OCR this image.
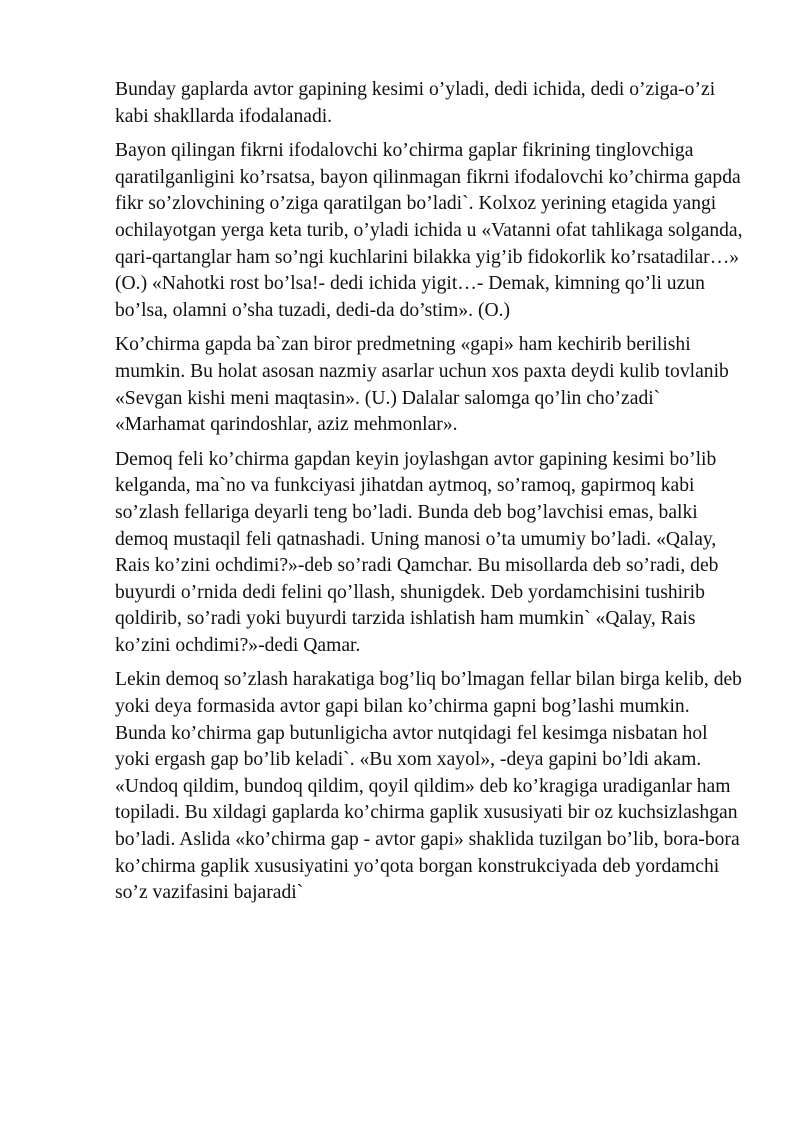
Bunday gaplarda avtor gapining kesimi o’yladi, dedi ichida, dedi o’ziga-o’zi kabi shakllarda ifodalanadi.

Bayon qilingan fikrni ifodalovchi ko’chirma gaplar fikrining tinglovchiga qaratilganligini ko’rsatsa, bayon qilinmagan fikrni ifodalovchi ko’chirma gapda fikr so’zlovchining o’ziga qaratilgan bo’ladi`. Kolxoz yerining etagida yangi ochilayotgan yerga keta turib, o’yladi ichida u «Vatanni ofat tahlikaga solganda, qari-qartanglar ham so’ngi kuchlarini bilakka yig’ib fidokorlik ko’rsatadilar…» (O.) «Nahotki rost bo’lsa!- dedi ichida yigit…- Demak, kimning qo’li uzun bo’lsa, olamni o’sha tuzadi, dedi-da do’stim». (O.)

Ko’chirma gapda ba`zan biror predmetning «gapi» ham kechirib berilishi mumkin. Bu holat asosan nazmiy asarlar uchun xos paxta deydi kulib tovlanib «Sevgan kishi meni maqtasin». (U.) Dalalar salomga qo’lin cho’zadi` «Marhamat qarindoshlar, aziz mehmonlar».

Demoq feli ko’chirma gapdan keyin joylashgan avtor gapining kesimi bo’lib kelganda, ma`no va funkciyasi jihatdan aytmoq, so’ramoq, gapirmoq kabi so’zlash fellariga deyarli teng bo’ladi. Bunda deb bog’lavchisi emas, balki demoq mustaqil feli qatnashadi. Uning manosi o’ta umumiy bo’ladi. «Qalay, Rais ko’zini ochdimi?»-deb so’radi Qamchar. Bu misollarda deb so’radi, deb buyurdi o’rnida dedi felini qo’llash, shunigdek. Deb yordamchisini tushirib qoldirib, so’radi yoki buyurdi tarzida ishlatish ham mumkin` «Qalay, Rais ko’zini ochdimi?»-dedi Qamar.

Lekin demoq so’zlash harakatiga bog’liq bo’lmagan fellar bilan birga kelib, deb yoki deya formasida avtor gapi bilan ko’chirma gapni bog’lashi mumkin. Bunda ko’chirma gap butunligicha avtor nutqidagi fel kesimga nisbatan hol yoki ergash gap bo’lib keladi`. «Bu xom xayol», -deya gapini bo’ldi akam. «Undoq qildim, bundoq qildim, qoyil qildim» deb ko’kragiga uradiganlar ham topiladi. Bu xildagi gaplarda ko’chirma gaplik xususiyati bir oz kuchsizlashgan bo’ladi. Aslida «ko’chirma gap - avtor gapi» shaklida tuzilgan bo’lib, bora-bora ko’chirma gaplik xususiyatini yo’qota borgan konstrukciyada deb yordamchi so’z vazifasini bajaradi`
